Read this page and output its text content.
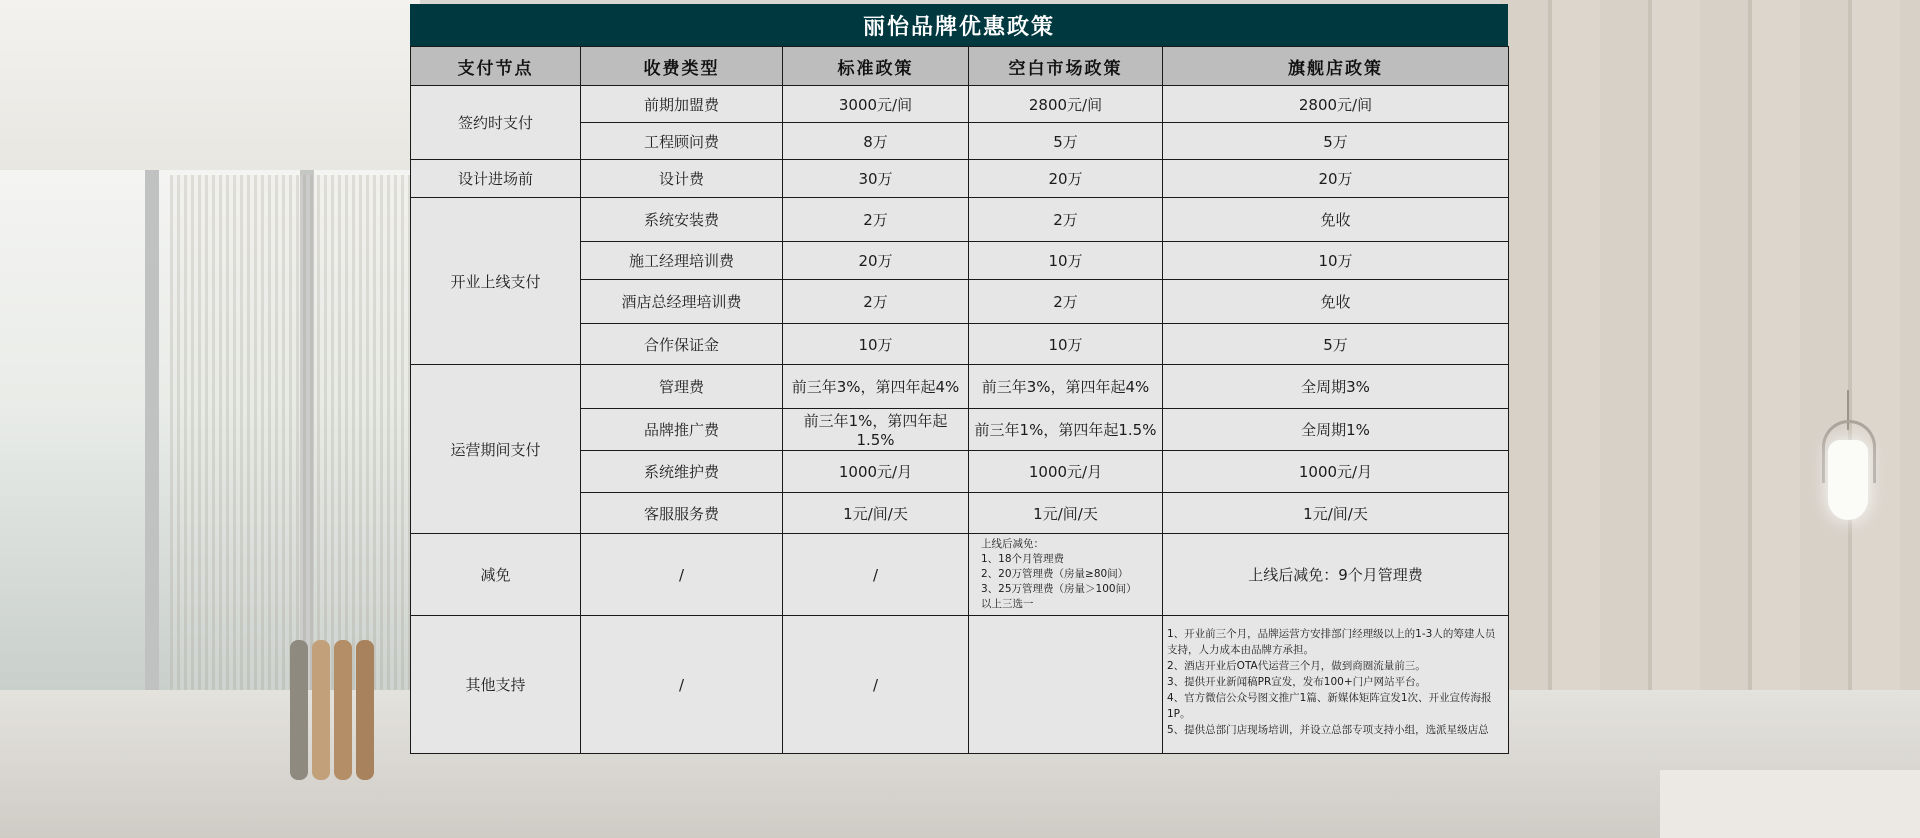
丽怡品牌优惠政策
支付节点	收费类型	标准政策	空白市场政策	旗舰店政策
签约时支付	前期加盟费	3000元/间	2800元/间	2800元/间
	工程顾问费	8万	5万	5万
设计进场前	设计费	30万	20万	20万
开业上线支付	系统安装费	2万	2万	免收
	施工经理培训费	20万	10万	10万
	酒店总经理培训费	2万	2万	免收
	合作保证金	10万	10万	5万
运营期间支付	管理费	前三年3%，第四年起4%	前三年3%，第四年起4%	全周期3%
	品牌推广费	前三年1%，第四年起1.5%	前三年1%，第四年起1.5%	全周期1%
	系统维护费	1000元/月	1000元/月	1000元/月
	客服服务费	1元/间/天	1元/间/天	1元/间/天
减免	/	/	上线后减免：
1、18个月管理费
2、20万管理费（房量≥80间）
3、25万管理费（房量＞100间）
以上三选一	上线后减免：9个月管理费
其他支持	/	/		1、开业前三个月，品牌运营方安排部门经理级以上的1-3人的筹建人员支持，人力成本由品牌方承担。
2、酒店开业后OTA代运营三个月，做到商圈流量前三。
3、提供开业新闻稿PR宣发，发布100+门户网站平台。
4、官方微信公众号图文推广1篇、新媒体矩阵宣发1次、开业宣传海报1P。
5、提供总部门店现场培训，并设立总部专项支持小组，选派星级店总
